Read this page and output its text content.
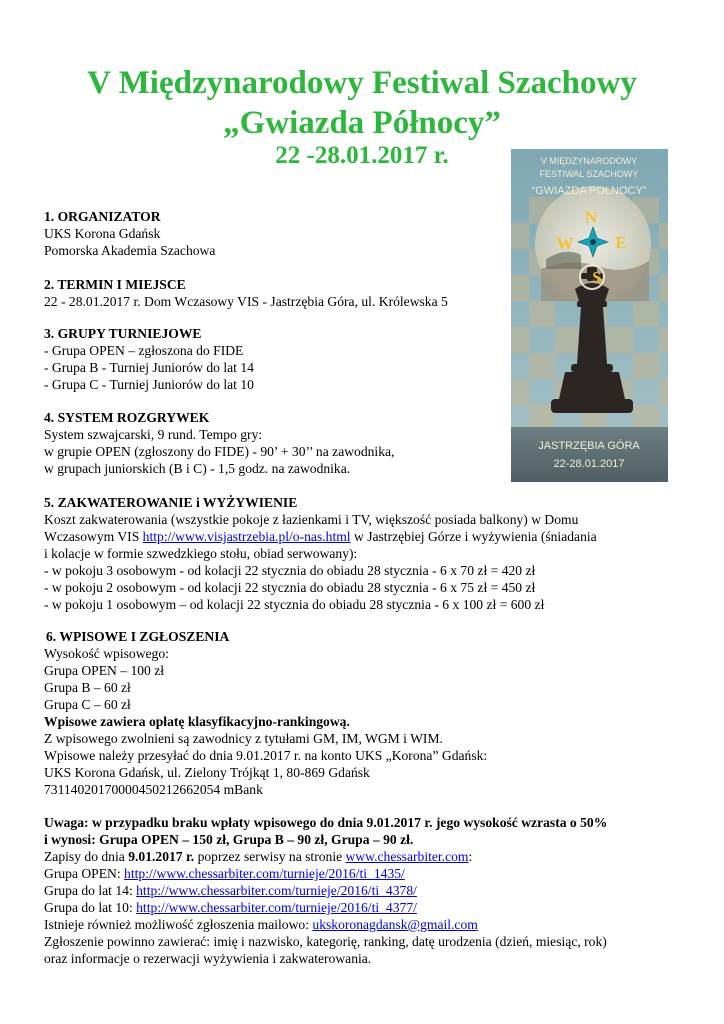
V Międzynarodowy Festiwal Szachowy
„Gwiazda Północy”
22 -28.01.2017 r.
N
W E
S
V MIĘDZYNARODOWY
FESTIWAL SZACHOWY
“GWIAZDA POŁNOCY”
JASTRZĘBIA GÓRA
22-28.01.2017
1. ORGANIZATOR
UKS Korona Gdańsk
Pomorska Akademia Szachowa
2. TERMIN I MIEJSCE
22 - 28.01.2017 r. Dom Wczasowy VIS - Jastrzębia Góra, ul. Królewska 5
3. GRUPY TURNIEJOWE
- Grupa OPEN – zgłoszona do FIDE
- Grupa B - Turniej Juniorów do lat 14
- Grupa C - Turniej Juniorów do lat 10
4. SYSTEM ROZGRYWEK
System szwajcarski, 9 rund. Tempo gry:
w grupie OPEN (zgłoszony do FIDE) - 90’ + 30’’ na zawodnika,
w grupach juniorskich (B i C) - 1,5 godz. na zawodnika.
5. ZAKWATEROWANIE i WYŻYWIENIE
Koszt zakwaterowania (wszystkie pokoje z łazienkami i TV, większość posiada balkony) w Domu
Wczasowym VIS http://www.visjastrzebia.pl/o-nas.html w Jastrzębiej Górze i wyżywienia (śniadania
i kolacje w formie szwedzkiego stołu, obiad serwowany):
- w pokoju 3 osobowym - od kolacji 22 stycznia do obiadu 28 stycznia - 6 x 70 zł = 420 zł
- w pokoju 2 osobowym - od kolacji 22 stycznia do obiadu 28 stycznia - 6 x 75 zł = 450 zł
- w pokoju 1 osobowym – od kolacji 22 stycznia do obiadu 28 stycznia - 6 x 100 zł = 600 zł
6. WPISOWE I ZGŁOSZENIA
Wysokość wpisowego:
Grupa OPEN – 100 zł
Grupa B – 60 zł
Grupa C – 60 zł
Wpisowe zawiera opłatę klasyfikacyjno-rankingową.
Z wpisowego zwolnieni są zawodnicy z tytułami GM, IM, WGM i WIM.
Wpisowe należy przesyłać do dnia 9.01.2017 r. na konto UKS „Korona” Gdańsk:
UKS Korona Gdańsk, ul. Zielony Trójkąt 1, 80-869 Gdańsk
73114020170000450212662054 mBank
Uwaga: w przypadku braku wpłaty wpisowego do dnia 9.01.2017 r. jego wysokość wzrasta o 50%
i wynosi: Grupa OPEN – 150 zł, Grupa B – 90 zł, Grupa – 90 zł.
Zapisy do dnia 9.01.2017 r. poprzez serwisy na stronie www.chessarbiter.com:
Grupa OPEN: http://www.chessarbiter.com/turnieje/2016/ti_1435/
Grupa do lat 14: http://www.chessarbiter.com/turnieje/2016/ti_4378/
Grupa do lat 10: http://www.chessarbiter.com/turnieje/2016/ti_4377/
Istnieje również możliwość zgłoszenia mailowo: ukskoronagdansk@gmail.com
Zgłoszenie powinno zawierać: imię i nazwisko, kategorię, ranking, datę urodzenia (dzień, miesiąc, rok)
oraz informacje o rezerwacji wyżywienia i zakwaterowania.
